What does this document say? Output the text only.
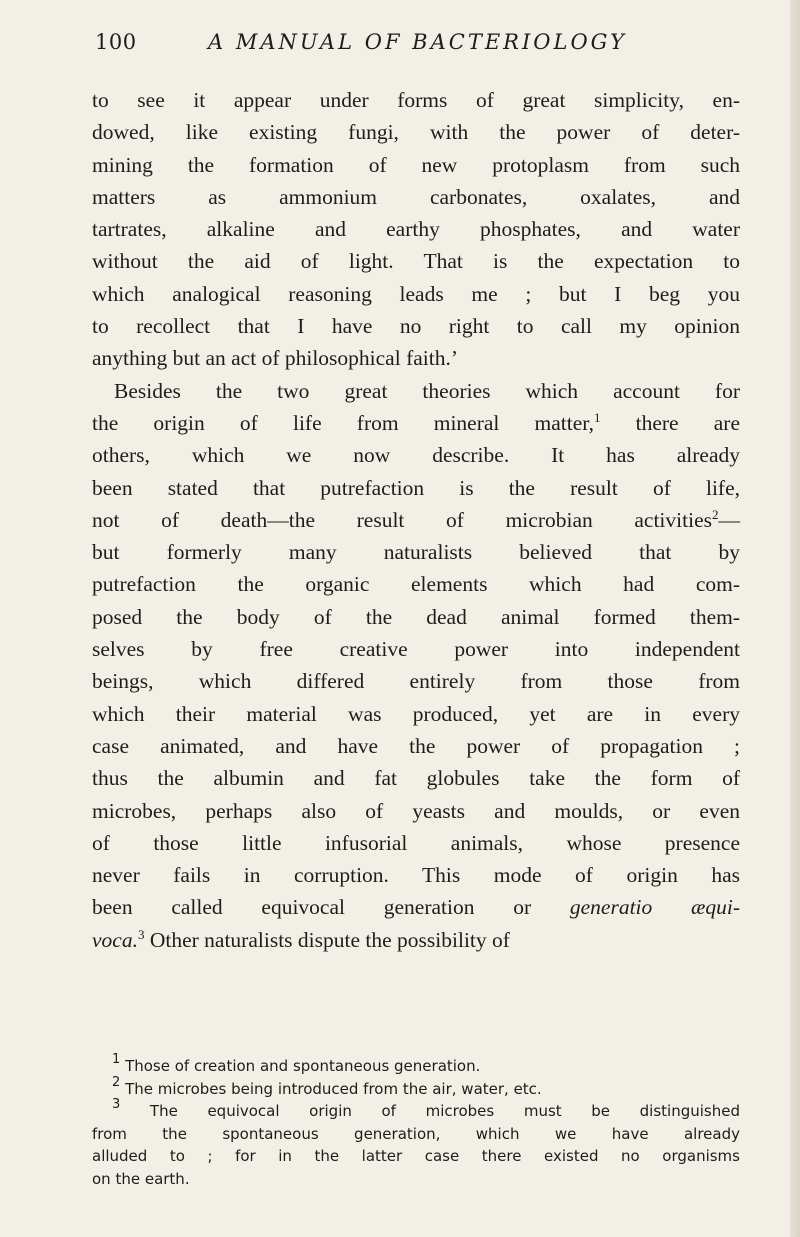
100	A MANUAL OF BACTERIOLOGY
to see it appear under forms of great simplicity, en-
dowed, like existing fungi, with the power of deter-
mining the formation of new protoplasm from such
matters as ammonium carbonates, oxalates, and
tartrates, alkaline and earthy phosphates, and water
without the aid of light. That is the expectation to
which analogical reasoning leads me ; but I beg you
to recollect that I have no right to call my opinion
anything but an act of philosophical faith.’
Besides the two great theories which account for
the origin of life from mineral matter,$^1$ there are
others, which we now describe. It has already
been stated that putrefaction is the result of life,
not of death—the result of microbian activities$^2$—
but formerly many naturalists believed that by
putrefaction the organic elements which had com-
posed the body of the dead animal formed them-
selves by free creative power into independent
beings, which differed entirely from those from
which their material was produced, yet are in every
case animated, and have the power of propagation ;
thus the albumin and fat globules take the form of
microbes, perhaps also of yeasts and moulds, or even
of those little infusorial animals, whose presence
never fails in corruption. This mode of origin has
been called equivocal generation or generatio æqui-
voca.$^3$ Other naturalists dispute the possibility of
$^1$ Those of creation and spontaneous generation.
$^2$ The microbes being introduced from the air, water, etc.
$^3$ The equivocal origin of microbes must be distinguished
from the spontaneous generation, which we have already
alluded to ; for in the latter case there existed no organisms
on the earth.
